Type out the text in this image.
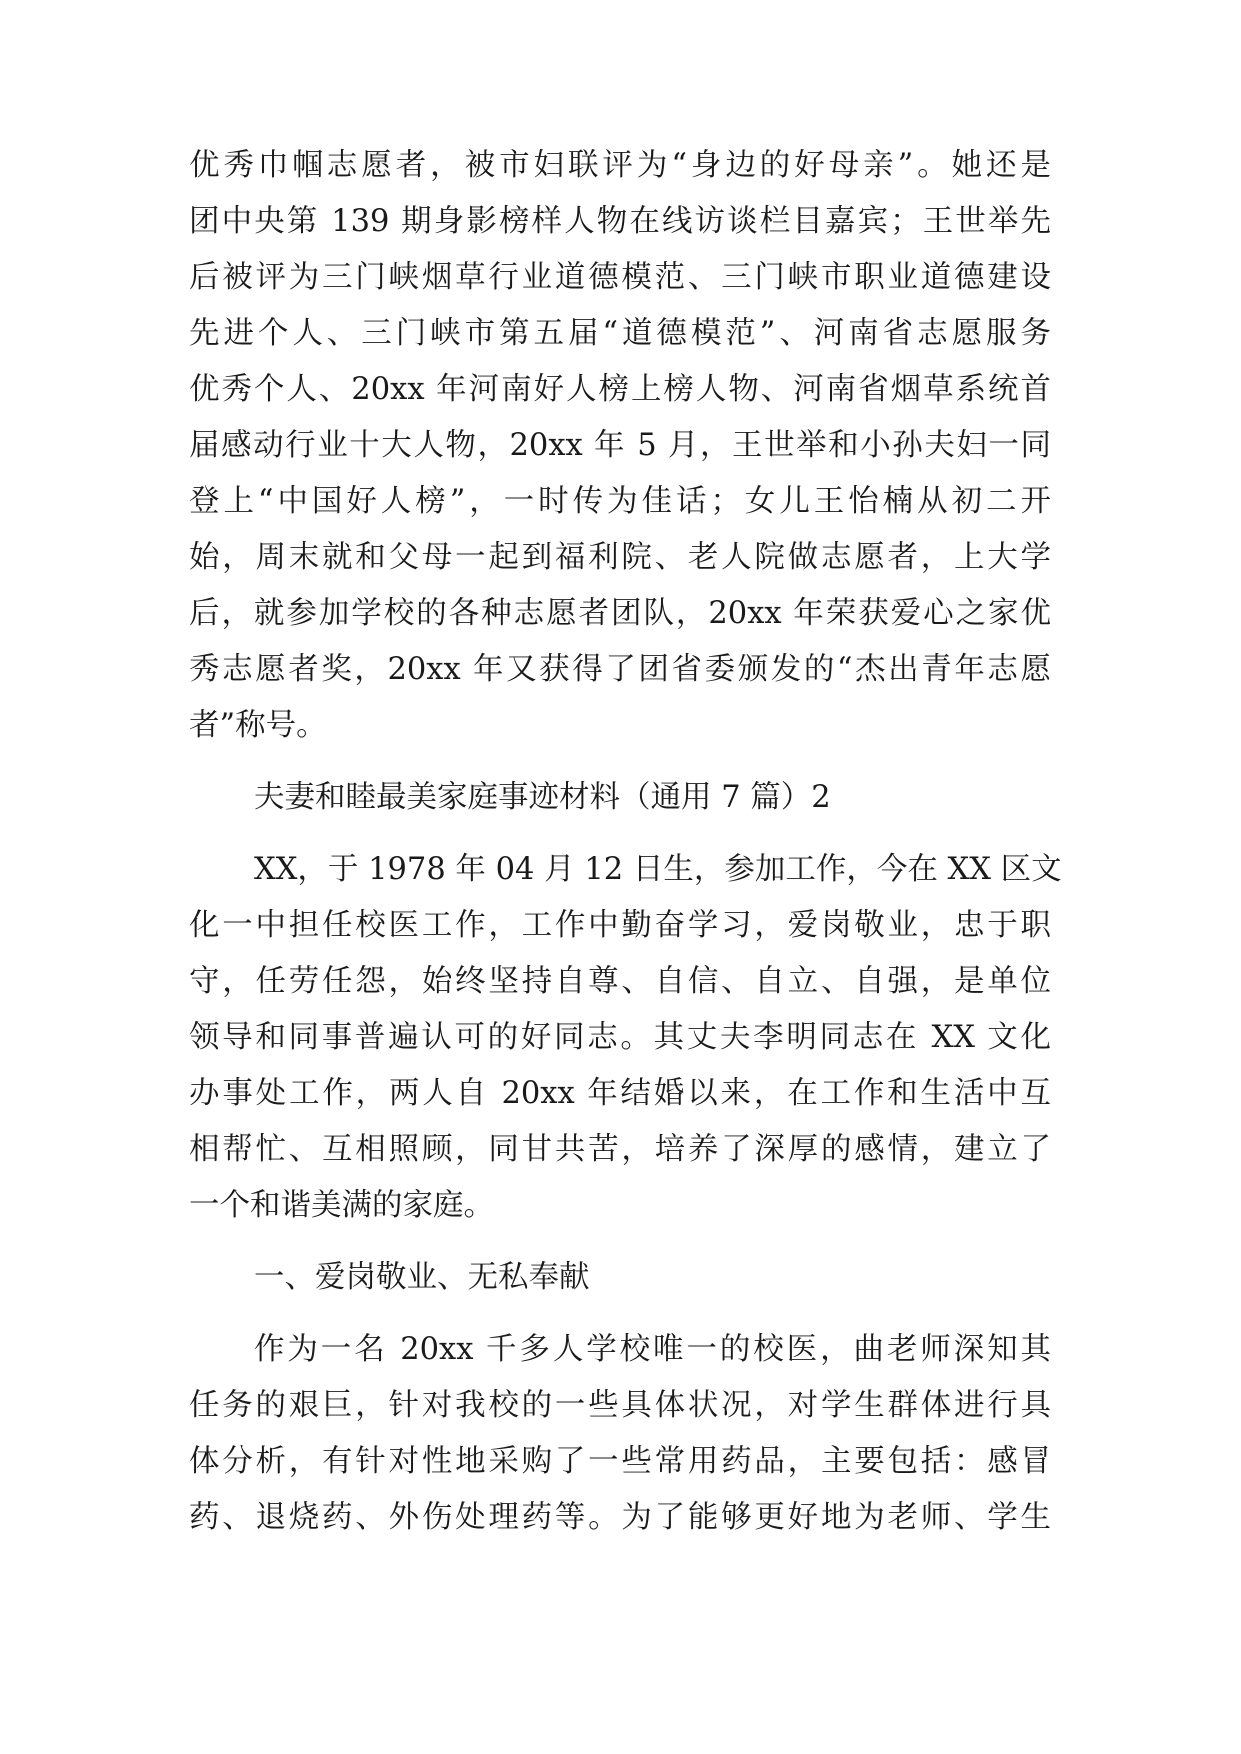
优秀巾帼志愿者，被市妇联评为“身边的好母亲”。她还是
团中央第 139 期身影榜样人物在线访谈栏目嘉宾；王世举先
后被评为三门峡烟草行业道德模范、三门峡市职业道德建设
先进个人、三门峡市第五届“道德模范”、河南省志愿服务
优秀个人、20xx 年河南好人榜上榜人物、河南省烟草系统首
届感动行业十大人物，20xx 年 5 月，王世举和小孙夫妇一同
登上“中国好人榜”，一时传为佳话；女儿王怡楠从初二开
始，周末就和父母一起到福利院、老人院做志愿者，上大学
后，就参加学校的各种志愿者团队，20xx 年荣获爱心之家优
秀志愿者奖，20xx 年又获得了团省委颁发的“杰出青年志愿
者”称号。
夫妻和睦最美家庭事迹材料（通用 7 篇）2
XX，于 1978 年 04 月 12 日生，参加工作，今在 XX 区文
化一中担任校医工作，工作中勤奋学习，爱岗敬业，忠于职
守，任劳任怨，始终坚持自尊、自信、自立、自强，是单位
领导和同事普遍认可的好同志。其丈夫李明同志在 XX 文化
办事处工作，两人自 20xx 年结婚以来，在工作和生活中互
相帮忙、互相照顾，同甘共苦，培养了深厚的感情，建立了
一个和谐美满的家庭。
一、爱岗敬业、无私奉献
作为一名 20xx 千多人学校唯一的校医，曲老师深知其
任务的艰巨，针对我校的一些具体状况，对学生群体进行具
体分析，有针对性地采购了一些常用药品，主要包括：感冒
药、退烧药、外伤处理药等。为了能够更好地为老师、学生
